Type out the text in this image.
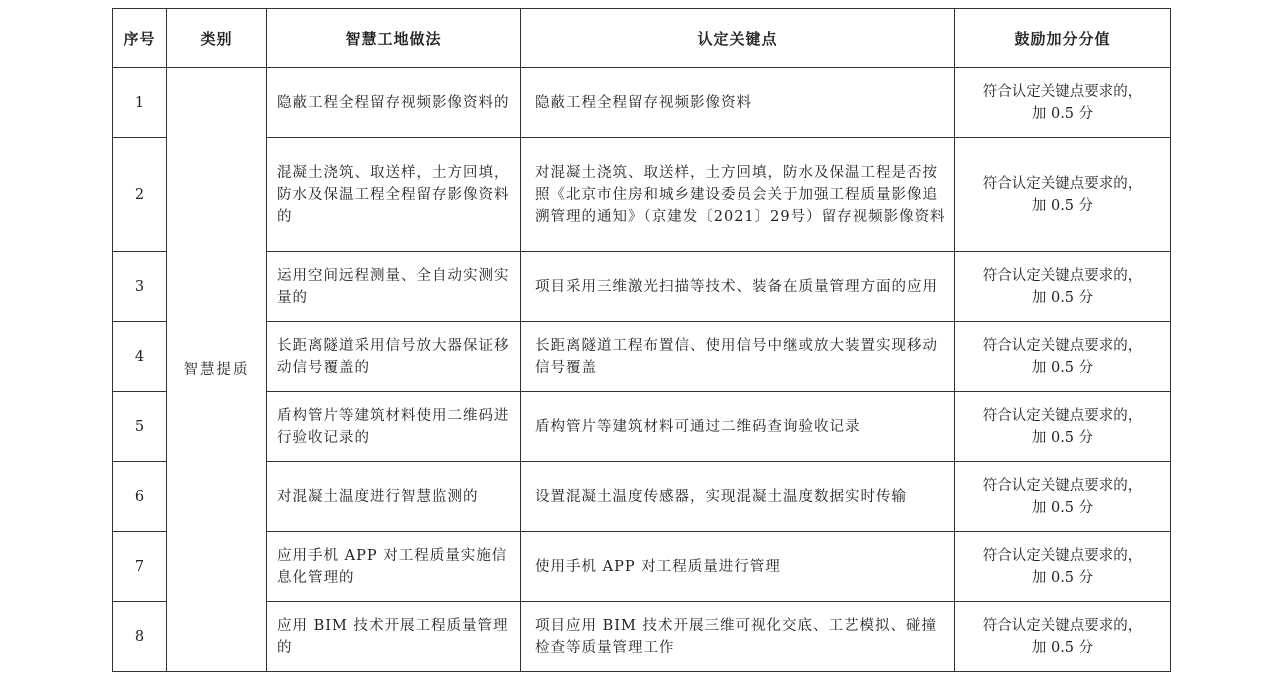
序号	类别	智慧工地做法	认定关键点	鼓励加分分值
1	智慧提质	隐蔽工程全程留存视频影像资料的	隐蔽工程全程留存视频影像资料	符合认定关键点要求的，
加 0.5 分

2		混凝土浇筑、取送样，土方回填，防水及保温工程全程留存影像资料的	对混凝土浇筑、取送样，土方回填，防水及保温工程是否按照《北京市住房和城乡建设委员会关于加强工程质量影像追溯管理的通知》（京建发〔2021〕29号）留存视频影像资料	符合认定关键点要求的，
加 0.5 分

3		运用空间远程测量、全自动实测实量的	项目采用三维激光扫描等技术、装备在质量管理方面的应用	符合认定关键点要求的，
加 0.5 分

4		长距离隧道采用信号放大器保证移动信号覆盖的	长距离隧道工程布置信、使用信号中继或放大装置实现移动信号覆盖	符合认定关键点要求的，
加 0.5 分

5		盾构管片等建筑材料使用二维码进行验收记录的	盾构管片等建筑材料可通过二维码查询验收记录	符合认定关键点要求的，
加 0.5 分

6		对混凝土温度进行智慧监测的	设置混凝土温度传感器，实现混凝土温度数据实时传输	符合认定关键点要求的，
加 0.5 分

7		应用手机 APP 对工程质量实施信息化管理的	使用手机 APP 对工程质量进行管理	符合认定关键点要求的，
加 0.5 分

8		应用 BIM 技术开展工程质量管理的	项目应用 BIM 技术开展三维可视化交底、工艺模拟、碰撞检查等质量管理工作	符合认定关键点要求的，
加 0.5 分
